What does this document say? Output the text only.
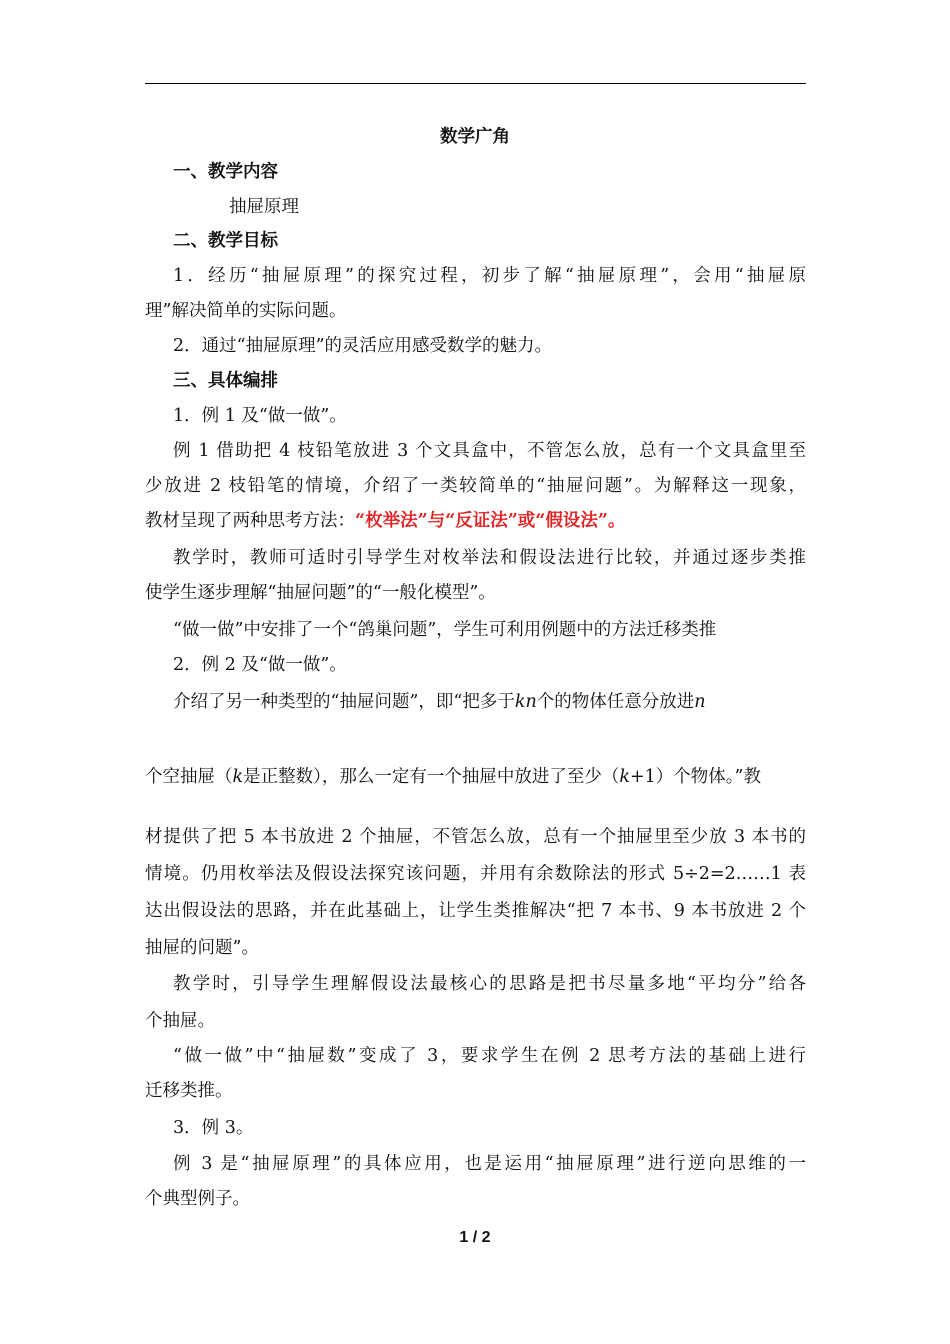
数学广角
一、教学内容
抽屉原理
二、教学目标
1．经历“抽屉原理”的探究过程，初步了解“抽屉原理”，会用“抽屉原
理”解决简单的实际问题。
2．通过“抽屉原理”的灵活应用感受数学的魅力。
三、具体编排
1．例 1 及“做一做”。
例 1 借助把 4 枝铅笔放进 3 个文具盒中，不管怎么放，总有一个文具盒里至
少放进 2 枝铅笔的情境，介绍了一类较简单的“抽屉问题”。为解释这一现象，
教材呈现了两种思考方法：“枚举法”与“反证法”或“假设法”。
教学时，教师可适时引导学生对枚举法和假设法进行比较，并通过逐步类推
使学生逐步理解“抽屉问题”的“一般化模型”。
“做一做”中安排了一个“鸽巢问题”，学生可利用例题中的方法迁移类推
2．例 2 及“做一做”。
介绍了另一种类型的“抽屉问题”，即“把多于kn个的物体任意分放进n
个空抽屉（k是正整数），那么一定有一个抽屉中放进了至少（k+1）个物体。”教
材提供了把 5 本书放进 2 个抽屉，不管怎么放，总有一个抽屉里至少放 3 本书的
情境。仍用枚举法及假设法探究该问题，并用有余数除法的形式 5÷2=2……1 表
达出假设法的思路，并在此基础上，让学生类推解决“把 7 本书、9 本书放进 2 个
抽屉的问题”。
教学时，引导学生理解假设法最核心的思路是把书尽量多地“平均分”给各
个抽屉。
“做一做”中“抽屉数”变成了 3，要求学生在例 2 思考方法的基础上进行
迁移类推。
3．例 3。
例 3 是“抽屉原理”的具体应用，也是运用“抽屉原理”进行逆向思维的一
个典型例子。
1 / 2
